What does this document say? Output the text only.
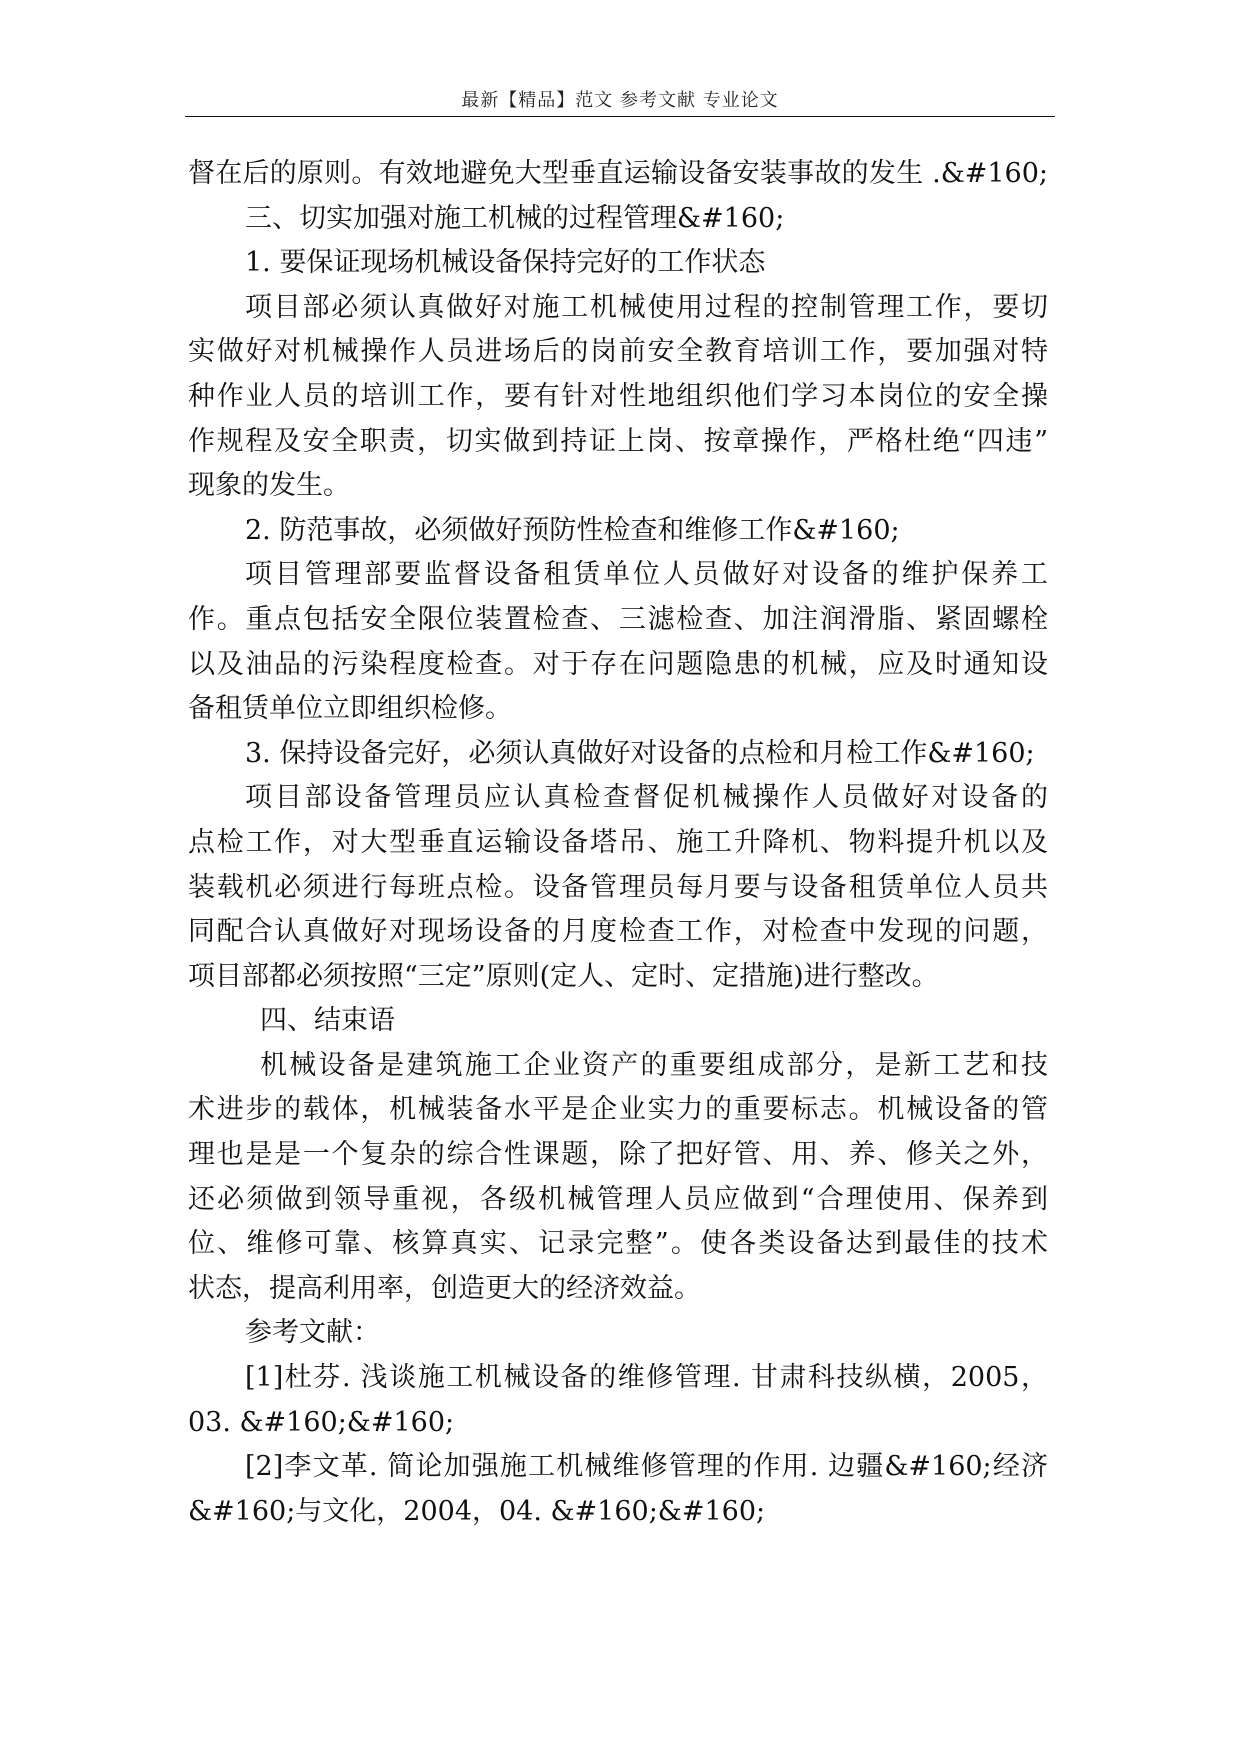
最新【精品】范文 参考文献 专业论文
督在后的原则。有效地避免大型垂直运输设备安装事故的发生 .&#160;
三、切实加强对施工机械的过程管理&#160;
1. 要保证现场机械设备保持完好的工作状态
项目部必须认真做好对施工机械使用过程的控制管理工作，要切
实做好对机械操作人员进场后的岗前安全教育培训工作，要加强对特
种作业人员的培训工作，要有针对性地组织他们学习本岗位的安全操
作规程及安全职责，切实做到持证上岗、按章操作，严格杜绝“四违”
现象的发生。
2. 防范事故，必须做好预防性检查和维修工作&#160;
项目管理部要监督设备租赁单位人员做好对设备的维护保养工
作。重点包括安全限位装置检查、三滤检查、加注润滑脂、紧固螺栓
以及油品的污染程度检查。对于存在问题隐患的机械，应及时通知设
备租赁单位立即组织检修。
3. 保持设备完好，必须认真做好对设备的点检和月检工作&#160;
项目部设备管理员应认真检查督促机械操作人员做好对设备的
点检工作，对大型垂直运输设备塔吊、施工升降机、物料提升机以及
装载机必须进行每班点检。设备管理员每月要与设备租赁单位人员共
同配合认真做好对现场设备的月度检查工作，对检查中发现的问题，
项目部都必须按照“三定”原则(定人、定时、定措施)进行整改。
四、结束语
机械设备是建筑施工企业资产的重要组成部分，是新工艺和技
术进步的载体，机械装备水平是企业实力的重要标志。机械设备的管
理也是是一个复杂的综合性课题，除了把好管、用、养、修关之外，
还必须做到领导重视，各级机械管理人员应做到“合理使用、保养到
位、维修可靠、核算真实、记录完整”。使各类设备达到最佳的技术
状态，提高利用率，创造更大的经济效益。
参考文献：
[1]杜芬. 浅谈施工机械设备的维修管理. 甘肃科技纵横，2005，
03. &#160;&#160;
[2]李文革. 简论加强施工机械维修管理的作用. 边疆&#160;经济
&#160;与文化，2004，04. &#160;&#160;
